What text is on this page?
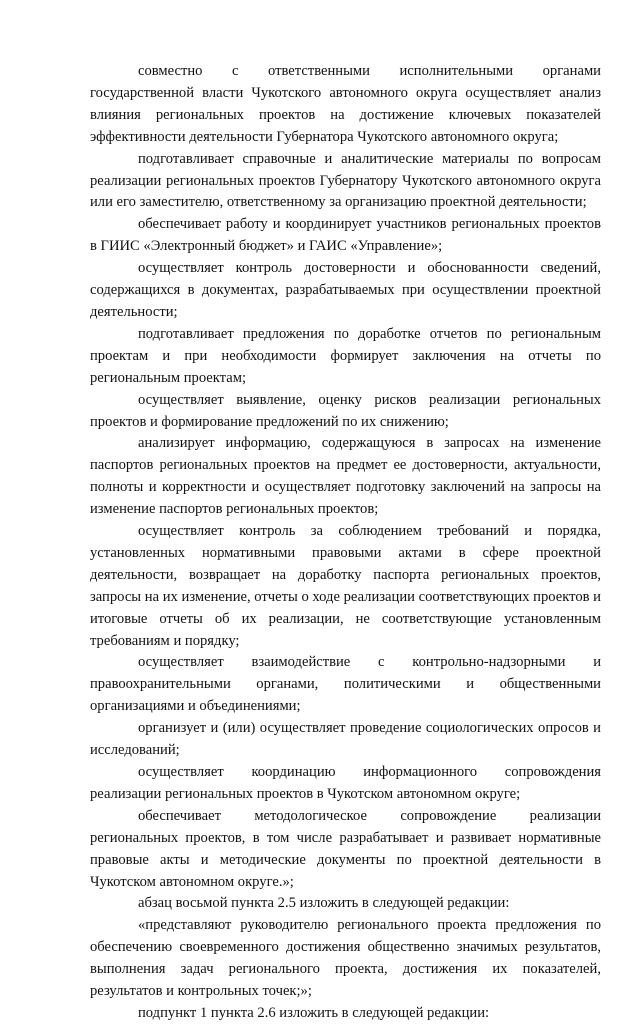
совместно с ответственными исполнительными органами государственной власти Чукотского автономного округа осуществляет анализ влияния региональных проектов на достижение ключевых показателей эффективности деятельности Губернатора Чукотского автономного округа;

подготавливает справочные и аналитические материалы по вопросам реализации региональных проектов Губернатору Чукотского автономного округа или его заместителю, ответственному за организацию проектной деятельности;

обеспечивает работу и координирует участников региональных проектов в ГИИС «Электронный бюджет» и ГАИС «Управление»;

осуществляет контроль достоверности и обоснованности сведений, содержащихся в документах, разрабатываемых при осуществлении проектной деятельности;

подготавливает предложения по доработке отчетов по региональным проектам и при необходимости формирует заключения на отчеты по региональным проектам;

осуществляет выявление, оценку рисков реализации региональных проектов и формирование предложений по их снижению;

анализирует информацию, содержащуюся в запросах на изменение паспортов региональных проектов на предмет ее достоверности, актуальности, полноты и корректности и осуществляет подготовку заключений на запросы на изменение паспортов региональных проектов;

осуществляет контроль за соблюдением требований и порядка, установленных нормативными правовыми актами в сфере проектной деятельности, возвращает на доработку паспорта региональных проектов, запросы на их изменение, отчеты о ходе реализации соответствующих проектов и итоговые отчеты об их реализации, не соответствующие установленным требованиям и порядку;

осуществляет взаимодействие с контрольно-надзорными и правоохранительными органами, политическими и общественными организациями и объединениями;

организует и (или) осуществляет проведение социологических опросов и исследований;

осуществляет координацию информационного сопровождения реализации региональных проектов в Чукотском автономном округе;

обеспечивает методологическое сопровождение реализации региональных проектов, в том числе разрабатывает и развивает нормативные правовые акты и методические документы по проектной деятельности в Чукотском автономном округе.»;

абзац восьмой пункта 2.5 изложить в следующей редакции:

«представляют руководителю регионального проекта предложения по обеспечению своевременного достижения общественно значимых результатов, выполнения задач регионального проекта, достижения их показателей, результатов и контрольных точек;»;

подпункт 1 пункта 2.6 изложить в следующей редакции:
